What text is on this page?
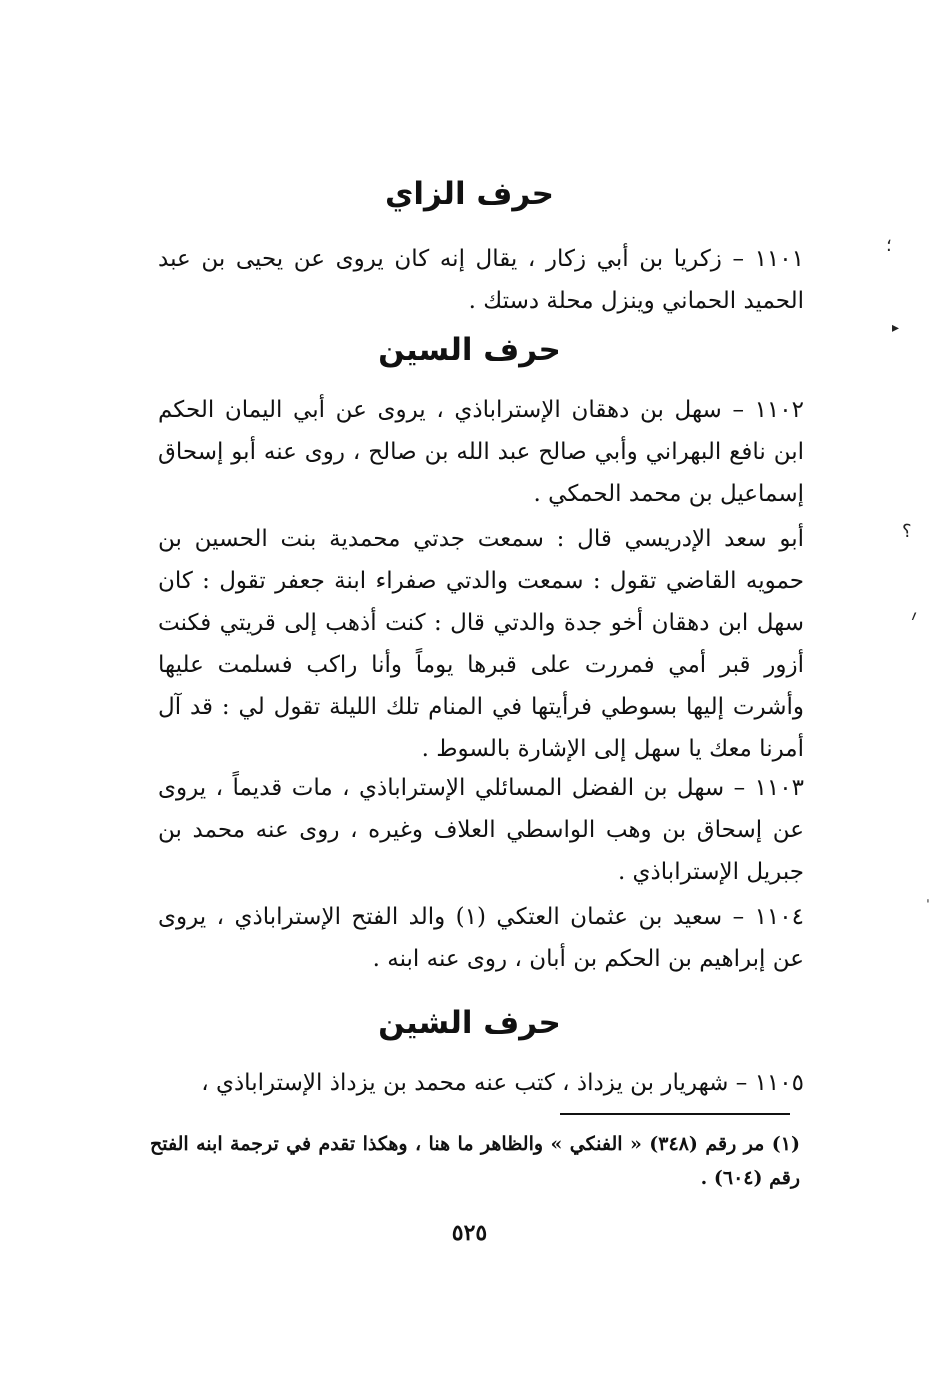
حرف الزاي
١١٠١ – زكريا بن أبي زكار ، يقال إنه كان يروى عن يحيى بن عبد الحميد الحماني وينزل محلة دستك .
حرف السين
١١٠٢ – سهل بن دهقان الإستراباذي ، يروى عن أبي اليمان الحكم ابن نافع البهراني وأبي صالح عبد الله بن صالح ، روى عنه أبو إسحاق إسماعيل بن محمد الحمكي .
أبو سعد الإدريسي قال : سمعت جدتي محمدية بنت الحسين بن حمويه القاضي تقول : سمعت والدتي صفراء ابنة جعفر تقول : كان سهل ابن دهقان أخو جدة والدتي قال : كنت أذهب إلى قريتي فكنت أزور قبر أمي فمررت على قبرها يوماً وأنا راكب فسلمت عليها وأشرت إليها بسوطي فرأيتها في المنام تلك الليلة تقول لي : قد آل أمرنا معك يا سهل إلى الإشارة بالسوط .
١١٠٣ – سهل بن الفضل المسائلي الإستراباذي ، مات قديماً ، يروى عن إسحاق بن وهب الواسطي العلاف وغيره ، روى عنه محمد بن جبريل الإستراباذي .
١١٠٤ – سعيد بن عثمان العتكي (١) والد الفتح الإستراباذي ، يروى عن إبراهيم بن الحكم بن أبان ، روى عنه ابنه .
حرف الشين
١١٠٥ – شهريار بن يزداذ ، كتب عنه محمد بن يزداذ الإستراباذي ،
(١) مر رقم (٣٤٨) « الفنكي » والظاهر ما هنا ، وهكذا تقدم في ترجمة ابنه الفتح رقم (٦٠٤) .
٥٢٥
؛
▸
؟
؍
ˈ
